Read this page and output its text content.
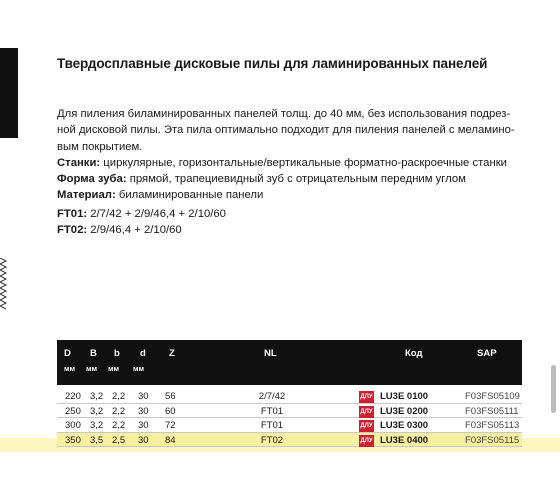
Твердосплавные дисковые пилы для ламинированных панелей
Для пиления биламинированных панелей толщ. до 40 мм, без использования подрез-
ной дисковой пилы. Эта пила оптимально подходит для пиления панелей с меламино-
вым покрытием.
Станки: циркулярные, горизонтальные/вертикальные форматно-раскроечные станки
Форма зуба: прямой, трапециевидный зуб с отрицательным передним углом
Материал: биламинированные панели
FT01: 2/7/42 + 2/9/46,4 + 2/10/60
FT02: 2/9/46,4 + 2/10/60
D B b d Z	NL	Код	SAP
мм мм мм мм
220 3,2 2,2 30 56	2/7/42	ДЛУ LU3E 0100	F03FS05109
250 3,2 2,2 30 60	FT01	ДЛУ LU3E 0200	F03FS05111
300 3,2 2,2 30 72	FT01	ДЛУ LU3E 0300	F03FS05113
350 3,5 2,5 30 84	FT02	ДЛУ LU3E 0400	F03FS05115
